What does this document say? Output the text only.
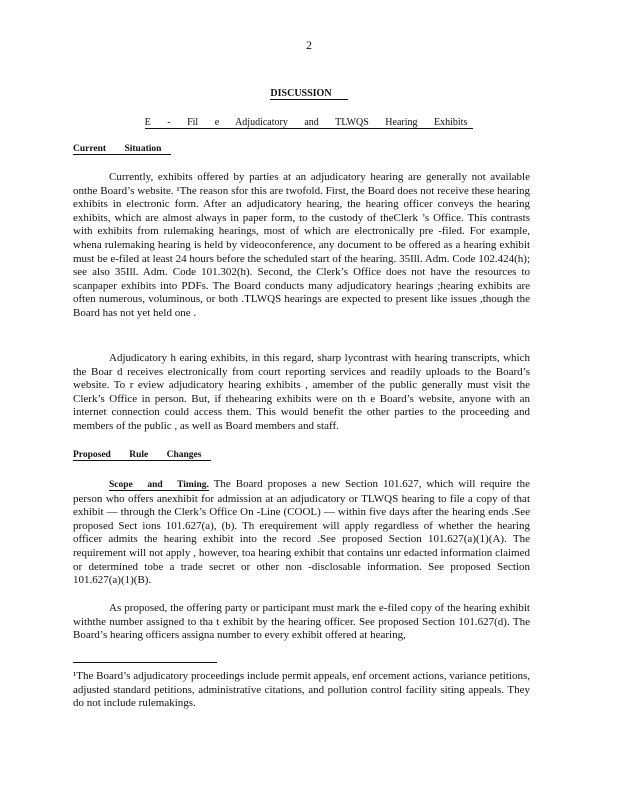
2
DISCUSSION
E - Fil e Adjudicatory and TLWQS Hearing Exhibits
Current Situation

Currently, exhibits offered by parties at an adjudicatory hearing are generally not available onthe Board’s website. ¹The reason sfor this are twofold. First, the Board does not receive these hearing exhibits in electronic form. After an adjudicatory hearing, the hearing officer conveys the hearing exhibits, which are almost always in paper form, to the custody of theClerk ’s Office. This contrasts with exhibits from rulemaking hearings, most of which are electronically pre -filed. For example, whena rulemaking hearing is held by videoconference, any document to be offered as a hearing exhibit must be e-filed at least 24 hours before the scheduled start of the hearing. 35Ill. Adm. Code 102.424(h); see also 35Ill. Adm. Code 101.302(h). Second, the Clerk’s Office does not have the resources to scanpaper exhibits into PDFs. The Board conducts many adjudicatory hearings ;hearing exhibits are often numerous, voluminous, or both .TLWQS hearings are expected to present like issues ,though the Board has not yet held one .

Adjudicatory h earing exhibits, in this regard, sharp lycontrast with hearing transcripts, which the Boar d receives electronically from court reporting services and readily uploads to the Board’s website. To r eview adjudicatory hearing exhibits , amember of the public generally must visit the Clerk’s Office in person. But, if thehearing exhibits were on th e Board’s website, anyone with an internet connection could access them. This would benefit the other parties to the proceeding and members of the public , as well as Board members and staff.

Proposed Rule Changes

Scope and Timing. The Board proposes a new Section 101.627, which will require the person who offers anexhibit for admission at an adjudicatory or TLWQS hearing to file a copy of that exhibit — through the Clerk’s Office On -Line (COOL) — within five days after the hearing ends .See proposed Sect ions 101.627(a), (b). Th erequirement will apply regardless of whether the hearing officer admits the hearing exhibit into the record .See proposed Section 101.627(a)(1)(A). The requirement will not apply , however, toa hearing exhibit that contains unr edacted information claimed or determined tobe a trade secret or other non -disclosable information. See proposed Section 101.627(a)(1)(B).

As proposed, the offering party or participant must mark the e-filed copy of the hearing exhibit withthe number assigned to tha t exhibit by the hearing officer. See proposed Section 101.627(d). The Board’s hearing officers assigna number to every exhibit offered at hearing,

¹The Board’s adjudicatory proceedings include permit appeals, enf orcement actions, variance petitions, adjusted standard petitions, administrative citations, and pollution control facility siting appeals. They do not include rulemakings.
